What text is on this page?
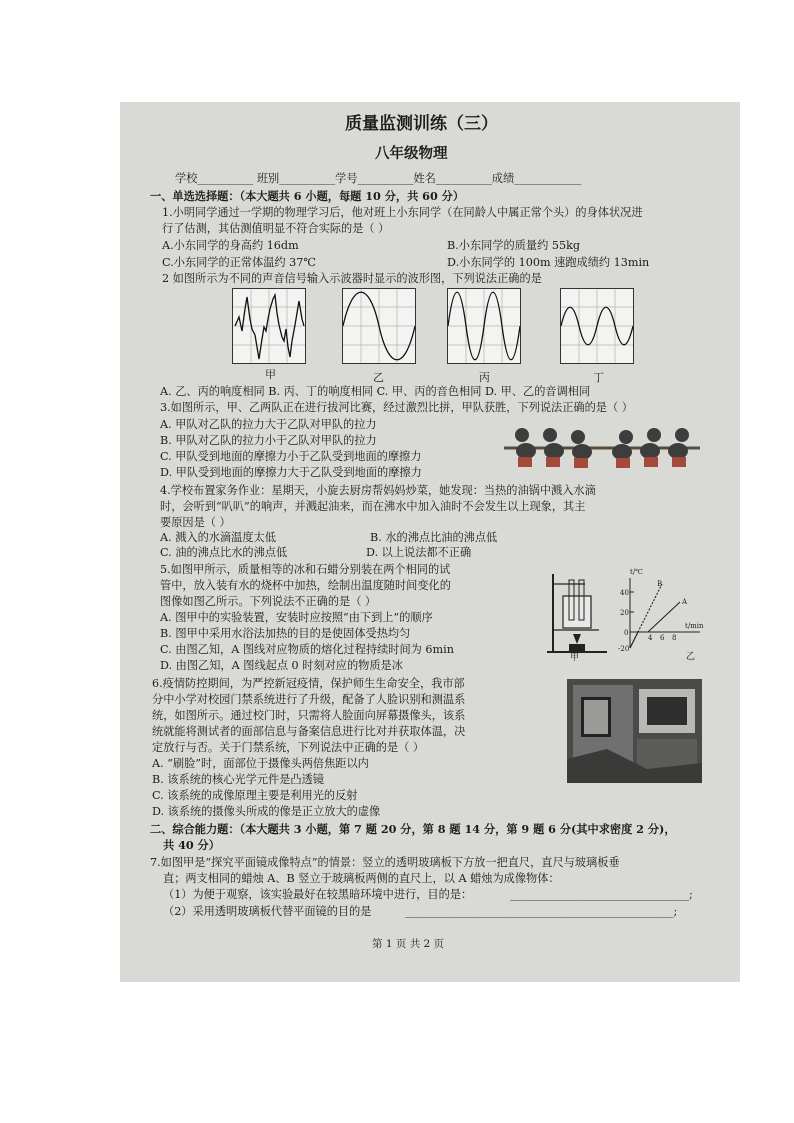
质量监测训练（三）
八年级物理
学校__________ 班别__________学号__________姓名__________成绩____________
一、单选选择题：（本大题共 6 小题，每题 10 分，共 60 分）
1.小明同学通过一学期的物理学习后，他对班上小东同学（在同龄人中属正常个头）的身体状况进
行了估测，其估测值明显不符合实际的是（ ）
A.小东同学的身高约 16dm	B.小东同学的质量约 55kg
C.小东同学的正常体温约 37℃	D.小东同学的 100m 速跑成绩约 13min
2 如图所示为不同的声音信号输入示波器时显示的波形图，下列说法正确的是
甲	乙	丙	丁
A. 乙、丙的响度相同 B. 丙、丁的响度相同 C. 甲、丙的音色相同 D. 甲、乙的音调相同
3.如图所示，甲、乙两队正在进行拔河比赛，经过激烈比拼，甲队获胜，下列说法正确的是（ ）
A. 甲队对乙队的拉力大于乙队对甲队的拉力
B. 甲队对乙队的拉力小于乙队对甲队的拉力
C. 甲队受到地面的摩擦力小于乙队受到地面的摩擦力
D. 甲队受到地面的摩擦力大于乙队受到地面的摩擦力
4.学校布置家务作业：星期天，小旋去厨房帮妈妈炒菜，她发现：当热的油锅中溅入水滴
时，会听到“叭叭”的响声，并溅起油来，而在沸水中加入油时不会发生以上现象，其主
要原因是（ ）
A. 溅入的水滴温度太低	B. 水的沸点比油的沸点低
C. 油的沸点比水的沸点低	D. 以上说法都不正确
5.如图甲所示，质量相等的冰和石蜡分别装在两个相同的试
管中，放入装有水的烧杯中加热，绘制出温度随时间变化的
图像如图乙所示。下列说法不正确的是（ ）
A. 图甲中的实验装置，安装时应按照“由下到上”的顺序
B. 图甲中采用水浴法加热的目的是使固体受热均匀
C. 由图乙知，A 图线对应物质的熔化过程持续时间为 6min
D. 由图乙知，A 图线起点 0 时刻对应的物质是冰
甲
t/℃
40
20
0
-20
4 6 8
t/min
A
B
乙
6.疫情防控期间，为严控新冠疫情，保护师生生命安全，我市部
分中小学对校园门禁系统进行了升级，配备了人脸识别和测温系
统，如图所示。通过校门时，只需将人脸面向屏幕摄像头，该系
统就能将测试者的面部信息与备案信息进行比对并获取体温，决
定放行与否。关于门禁系统，下列说法中正确的是（ ）
A. “刷脸”时，面部位于摄像头两倍焦距以内
B. 该系统的核心光学元件是凸透镜
C. 该系统的成像原理主要是利用光的反射
D. 该系统的摄像头所成的像是正立放大的虚像
二、综合能力题：（本大题共 3 小题，第 7 题 20 分，第 8 题 14 分，第 9 题 6 分(其中求密度 2 分)，
共 40 分）
7.如图甲是“探究平面镜成像特点”的情景：竖立的透明玻璃板下方放一把直尺，直尺与玻璃板垂
直；两支相同的蜡烛 A、B 竖立于玻璃板两侧的直尺上，以 A 蜡烛为成像物体：
（1）为便于观察，该实验最好在较黑暗环境中进行，目的是：	________________________________;
（2）采用透明玻璃板代替平面镜的目的是	________________________________________________;
第 1 页 共 2 页
